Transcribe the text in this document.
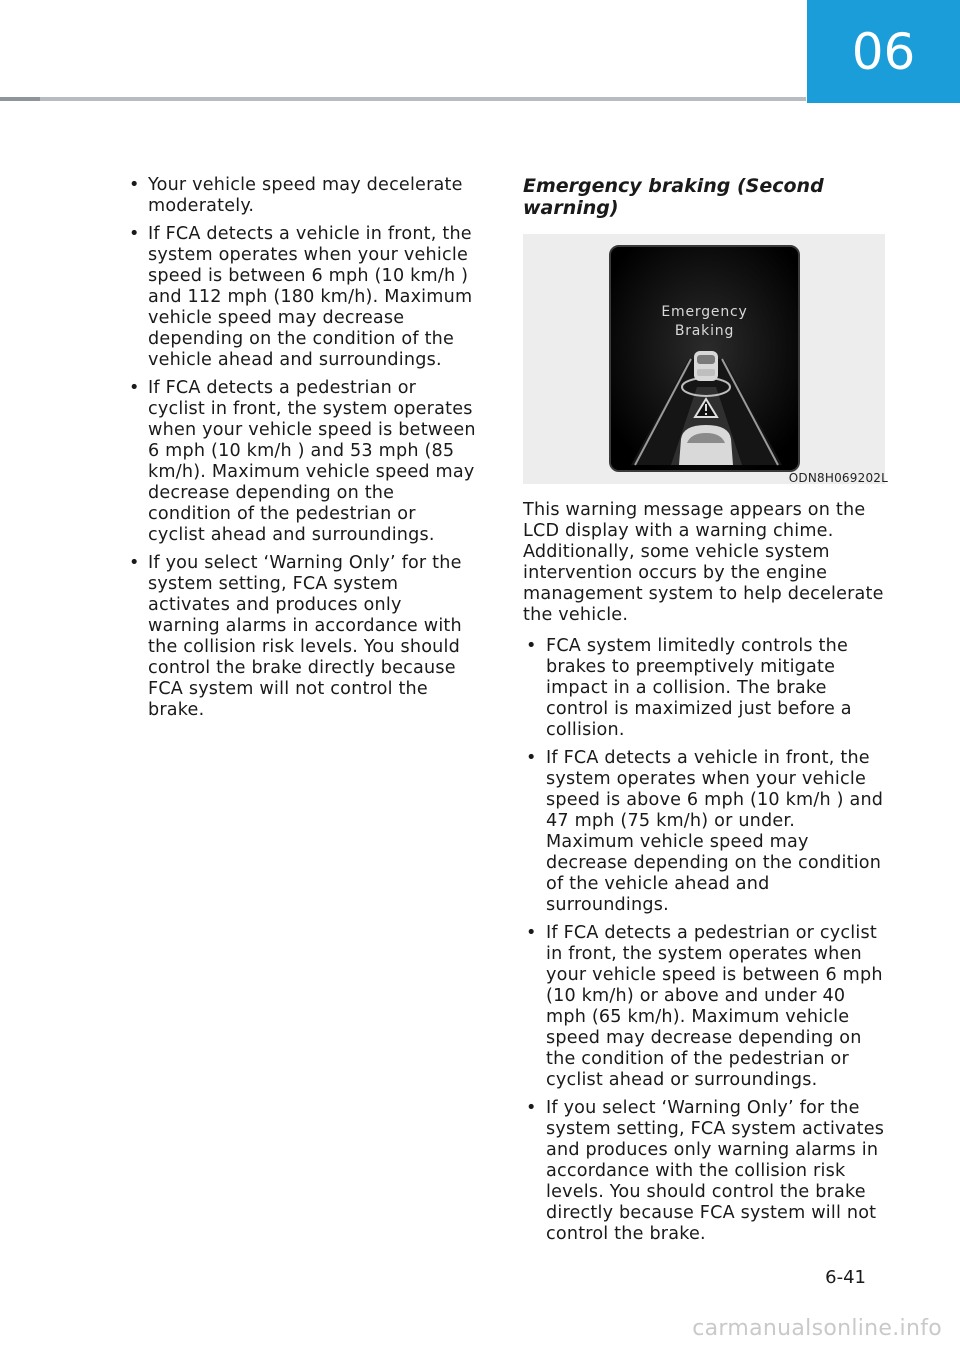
06
• Your vehicle speed may decelerate moderately.
• If FCA detects a vehicle in front, the system operates when your vehicle speed is between 6 mph (10 km/h ) and 112 mph (180 km/h). Maximum vehicle speed may decrease depending on the condition of the vehicle ahead and surroundings.
• If FCA detects a pedestrian or cyclist in front, the system operates when your vehicle speed is between 6 mph (10 km/h ) and 53 mph (85 km/h). Maximum vehicle speed may decrease depending on the condition of the pedestrian or cyclist ahead and surroundings.
• If you select ‘Warning Only’ for the system setting, FCA system activates and produces only warning alarms in accordance with the collision risk levels. You should control the brake directly because FCA system will not control the brake.
Emergency braking (Second warning)
Emergency
Braking
ODN8H069202L

This warning message appears on the LCD display with a warning chime. Additionally, some vehicle system intervention occurs by the engine management system to help decelerate the vehicle.

• FCA system limitedly controls the brakes to preemptively mitigate impact in a collision. The brake control is maximized just before a collision.
• If FCA detects a vehicle in front, the system operates when your vehicle speed is above 6 mph (10 km/h ) and 47 mph (75 km/h) or under. Maximum vehicle speed may decrease depending on the condition of the vehicle ahead and surroundings.
• If FCA detects a pedestrian or cyclist in front, the system operates when your vehicle speed is between 6 mph (10 km/h) or above and under 40 mph (65 km/h). Maximum vehicle speed may decrease depending on the condition of the pedestrian or cyclist ahead or surroundings.
• If you select ‘Warning Only’ for the system setting, FCA system activates and produces only warning alarms in accordance with the collision risk levels. You should control the brake directly because FCA system will not control the brake.
6-41
carmanualsonline.info
